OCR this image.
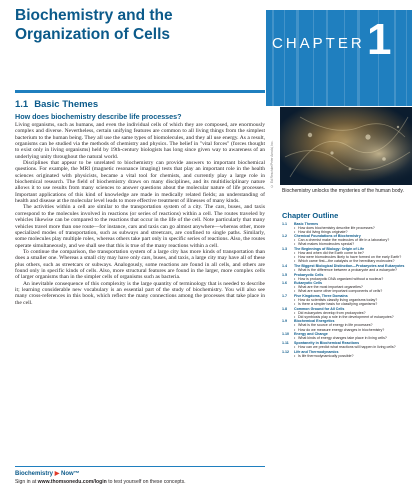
Biochemistry and the
Organization of Cells
CHAPTER 1
1.1 Basic Themes
How does biochemistry describe life processes?

Living organisms, such as humans, and even the individual cells of which they are composed, are enormously complex and diverse. Nevertheless, certain unifying features are common to all living things from the simplest bacterium to the human being. They all use the same types of biomolecules, and they all use energy. As a result, organisms can be studied via the methods of chemistry and physics. The belief in "vital forces" (forces thought to exist only in living organisms) held by 19th-century biologists has long since given way to awareness of an underlying unity throughout the natural world.

Disciplines that appear to be unrelated to biochemistry can provide answers to important biochemical questions. For example, the MRI (magnetic resonance imaging) tests that play an important role in the health sciences originated with physicists, became a vital tool for chemists, and currently play a large role in biochemical research. The field of biochemistry draws on many disciplines, and its multidisciplinary nature allows it to use results from many sciences to answer questions about the molecular nature of life processes. Important applications of this kind of knowledge are made in medically related fields; an understanding of health and disease at the molecular level leads to more effective treatment of illnesses of many kinds.

The activities within a cell are similar to the transportation system of a city. The cars, buses, and taxis correspond to the molecules involved in reactions (or series of reactions) within a cell. The routes traveled by vehicles likewise can be compared to the reactions that occur in the life of the cell. Note particularly that many vehicles travel more than one route—for instance, cars and taxis can go almost anywhere—whereas other, more specialized modes of transportation, such as subways and streetcars, are confined to single paths. Similarly, some molecules play multiple roles, whereas others take part only in specific series of reactions. Also, the routes operate simultaneously, and we shall see that this is true of the many reactions within a cell.

To continue the comparison, the transportation system of a large city has more kinds of transportation than does a smaller one. Whereas a small city may have only cars, buses, and taxis, a large city may have all of these plus others, such as streetcars or subways. Analogously, some reactions are found in all cells, and others are found only in specific kinds of cells. Also, more structural features are found in the larger, more complex cells of larger organisms than in the simpler cells of organisms such as bacteria.

An inevitable consequence of this complexity is the large quantity of terminology that is needed to describe it; learning considerable new vocabulary is an essential part of the study of biochemistry. You will also see many cross-references in this book, which reflect the many connections among the processes that take place in the cell.

© Ed Reschke/Peter Arnold, Inc.
Biochemistry unlocks the mysteries of the human body.
Chapter Outline
1.1	Basic Themes
• How does biochemistry describe life processes?
• How did living things originate?
1.2	Chemical Foundations of Biochemistry
• Can a chemist make the molecules of life in a laboratory?
• What makes biomolecules special?
1.3	The Beginnings of Biology: Origin of Life
• How and when did the Earth come to be?
• How were biomolecules likely to have formed on the early Earth?
• Which came first—the catalysts or the hereditary molecules?
1.4	The Biggest Biological Distinction—Prokaryotes and Eukaryotes
• What is the difference between a prokaryote and a eukaryote?
1.5	Prokaryotic Cells
• How is prokaryotic DNA organized without a nucleus?
1.6	Eukaryotic Cells
• What are the most important organelles?
• What are some other important components of cells?
1.7	Five Kingdoms, Three Domains
• How do scientists classify living organisms today?
• Is there a simpler basis for classifying organisms?
1.8	Common Ground for All Cells
• Did eukaryotes develop from prokaryotes?
• Did symbiosis play a role in the development of eukaryotes?
1.9	Biochemical Energetics
• What is the source of energy in life processes?
• How do we measure energy changes in biochemistry?
1.10	Energy and Change
• What kinds of energy changes take place in living cells?
1.11	Spontaneity in Biochemical Reactions
• How can we predict what reactions will happen in living cells?
1.12	Life and Thermodynamics
• Is life thermodynamically possible?
Biochemistry ▶ Now™
Sign in at www.thomsonedu.com/login to test yourself on these concepts.
